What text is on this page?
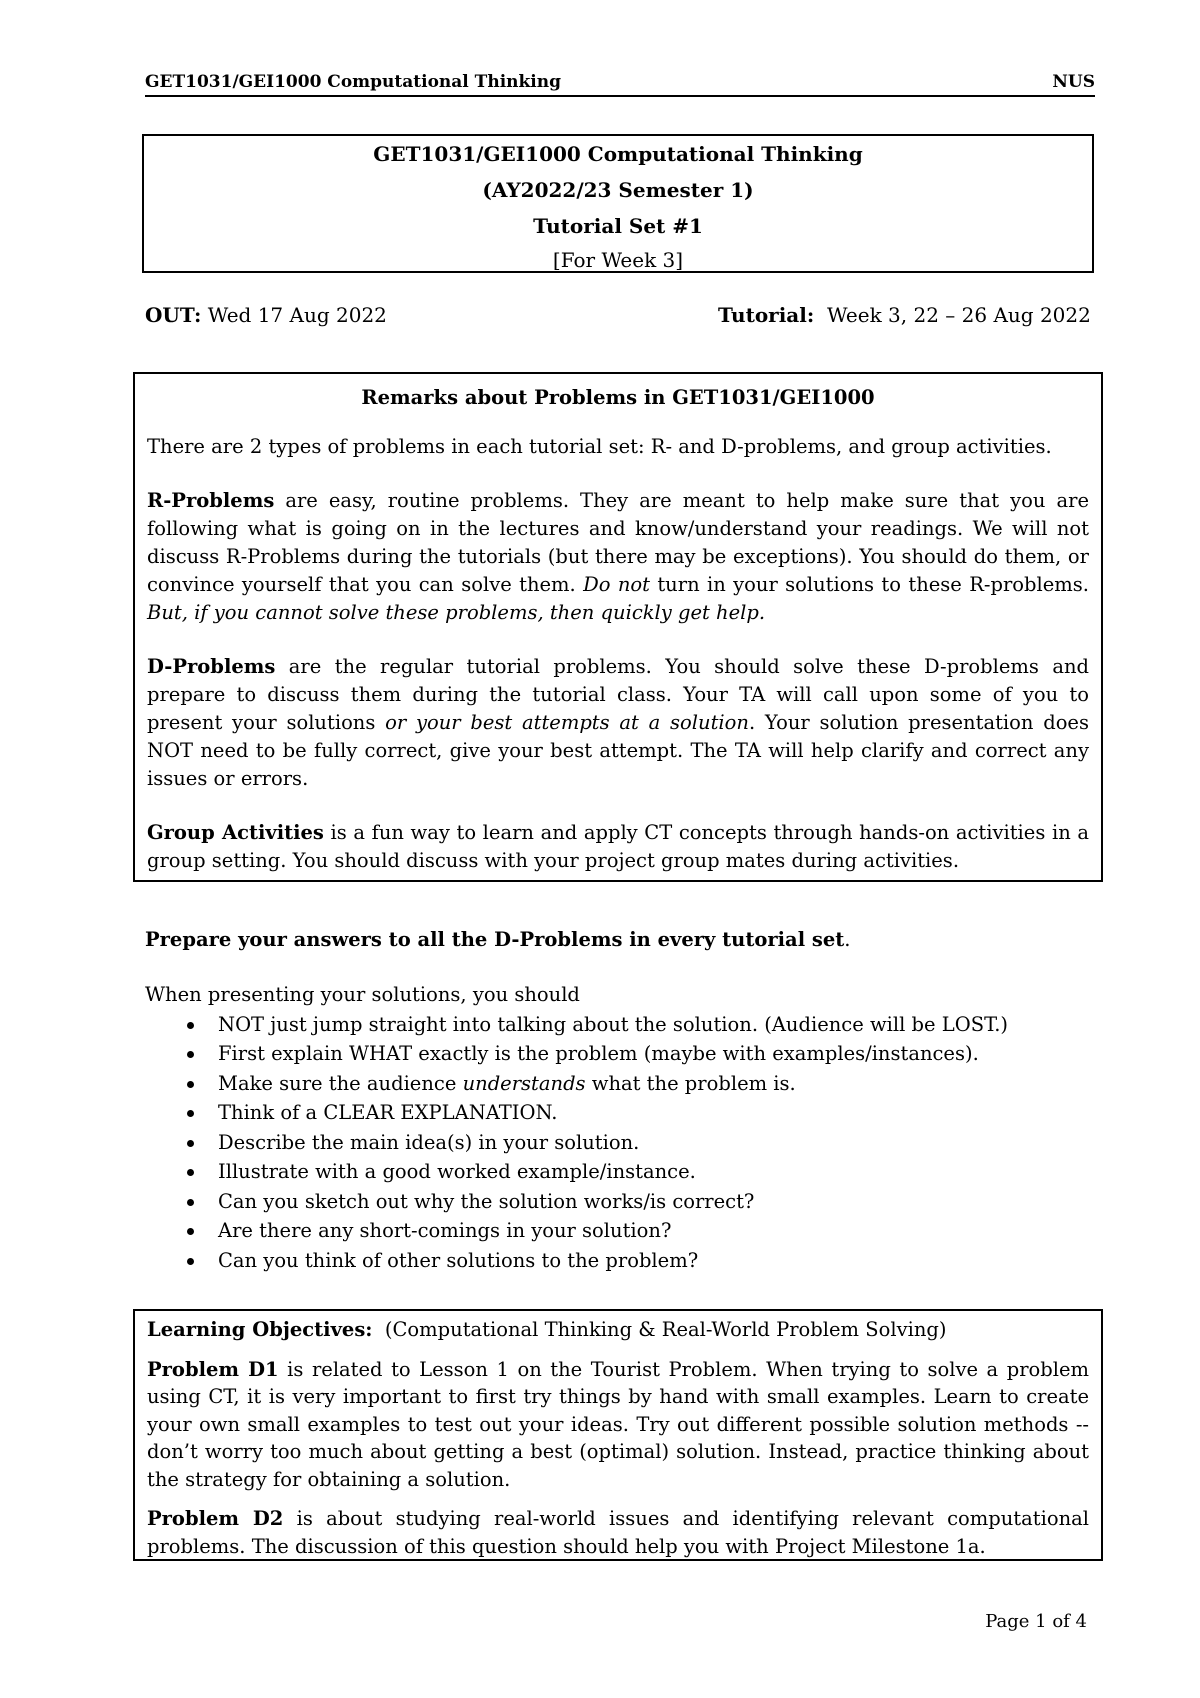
GET1031/GEI1000 Computational Thinking	NUS
GET1031/GEI1000 Computational Thinking
(AY2022/23 Semester 1)
Tutorial Set #1
[For Week 3]
OUT: Wed 17 Aug 2022	Tutorial: Week 3, 22 – 26 Aug 2022

Remarks about Problems in GET1031/GEI1000

There are 2 types of problems in each tutorial set: R- and D-problems, and group activities.

R-Problems are easy, routine problems. They are meant to help make sure that you are following what is going on in the lectures and know/understand your readings. We will not discuss R-Problems during the tutorials (but there may be exceptions). You should do them, or convince yourself that you can solve them. Do not turn in your solutions to these R-problems. But, if you cannot solve these problems, then quickly get help.

D-Problems are the regular tutorial problems. You should solve these D-problems and prepare to discuss them during the tutorial class. Your TA will call upon some of you to present your solutions or your best attempts at a solution. Your solution presentation does NOT need to be fully correct, give your best attempt. The TA will help clarify and correct any issues or errors.

Group Activities is a fun way to learn and apply CT concepts through hands-on activities in a group setting. You should discuss with your project group mates during activities.

Prepare your answers to all the D-Problems in every tutorial set.
When presenting your solutions, you should
NOT just jump straight into talking about the solution. (Audience will be LOST.)
First explain WHAT exactly is the problem (maybe with examples/instances).
Make sure the audience understands what the problem is.
Think of a CLEAR EXPLANATION.
Describe the main idea(s) in your solution.
Illustrate with a good worked example/instance.
Can you sketch out why the solution works/is correct?
Are there any short-comings in your solution?
Can you think of other solutions to the problem?

Learning Objectives: (Computational Thinking & Real-World Problem Solving)

Problem D1 is related to Lesson 1 on the Tourist Problem. When trying to solve a problem using CT, it is very important to first try things by hand with small examples. Learn to create your own small examples to test out your ideas. Try out different possible solution methods -- don’t worry too much about getting a best (optimal) solution. Instead, practice thinking about the strategy for obtaining a solution.

Problem D2 is about studying real-world issues and identifying relevant computational problems. The discussion of this question should help you with Project Milestone 1a.

Page 1 of 4
